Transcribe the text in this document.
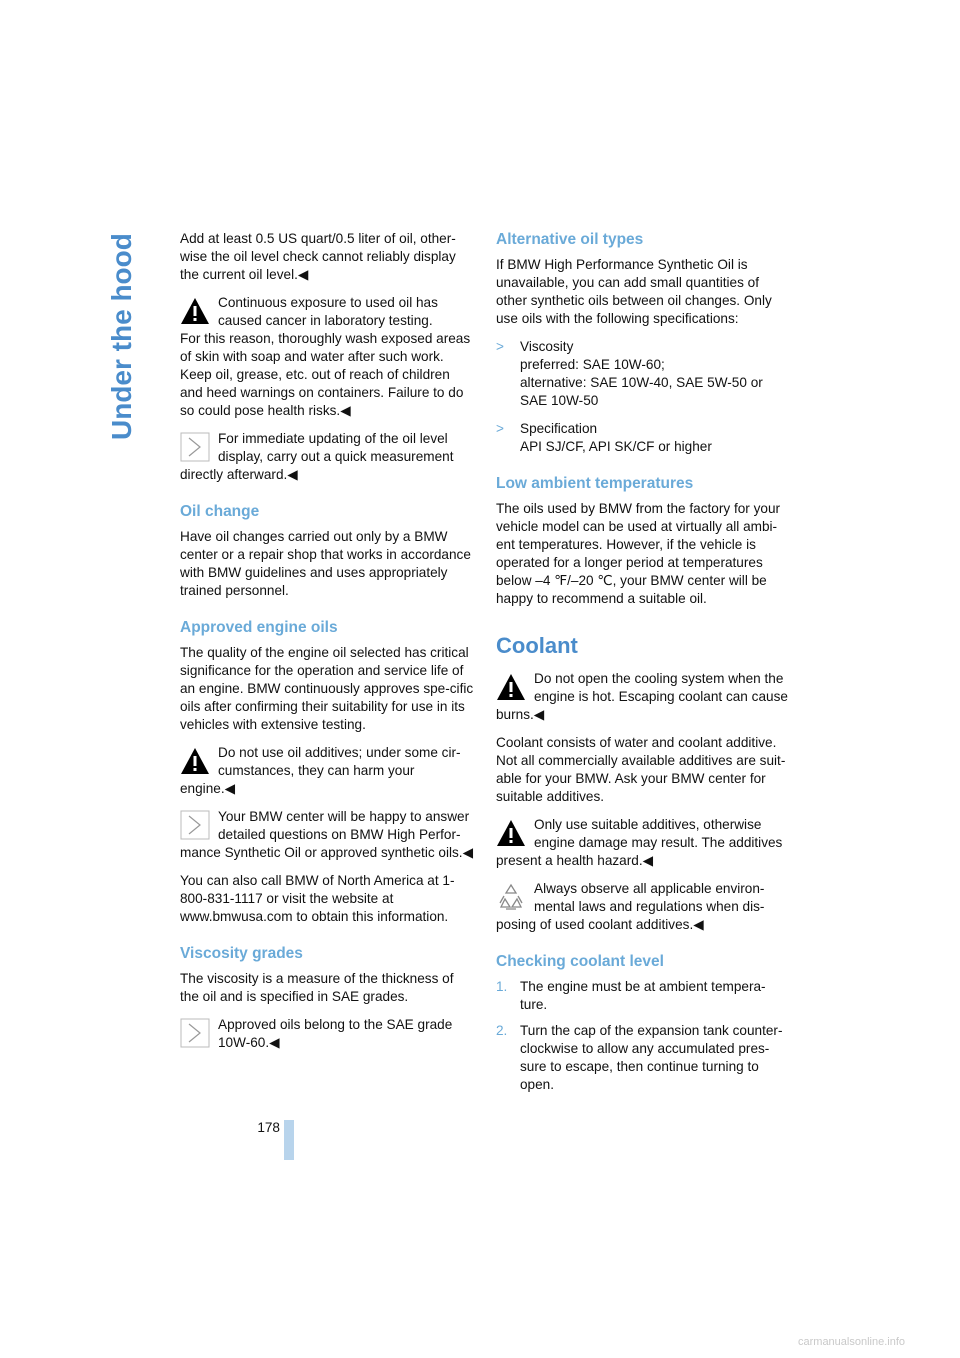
Under the hood	Add at least 0.5 US quart/0.5 liter of oil, other-wise the oil level check cannot reliably display the current oil level.◀

Continuous exposure to used oil has caused cancer in laboratory testing.
For this reason, thoroughly wash exposed areas of skin with soap and water after such work. Keep oil, grease, etc. out of reach of children and heed warnings on containers. Failure to do so could pose health risks.◀
For immediate updating of the oil level display, carry out a quick measurement
directly afterward.◀
Oil change

Have oil changes carried out only by a BMW center or a repair shop that works in accordance with BMW guidelines and uses appropriately trained personnel.

Approved engine oils

The quality of the engine oil selected has critical significance for the operation and service life of an engine. BMW continuously approves spe-cific oils after confirming their suitability for use in its vehicles with extensive testing.

Do not use oil additives; under some cir-cumstances, they can harm your
engine.◀
Your BMW center will be happy to answer detailed questions on BMW High Perfor-
mance Synthetic Oil or approved synthetic oils.◀

You can also call BMW of North America at 1-800-831-1117 or visit the website at www.bmwusa.com to obtain this information.

Viscosity grades

The viscosity is a measure of the thickness of the oil and is specified in SAE grades.

Approved oils belong to the SAE grade 10W-60.◀
Alternative oil types

If BMW High Performance Synthetic Oil is unavailable, you can add small quantities of other synthetic oils between oil changes. Only use oils with the following specifications:

> Viscosity
preferred: SAE 10W-60;
alternative: SAE 10W-40, SAE 5W-50 or SAE 10W-50
> Specification
API SJ/CF, API SK/CF or higher
Low ambient temperatures

The oils used by BMW from the factory for your vehicle model can be used at virtually all ambi-ent temperatures. However, if the vehicle is operated for a longer period at temperatures below –4 ℉/–20 ℃, your BMW center will be happy to recommend a suitable oil.

Coolant
Do not open the cooling system when the engine is hot. Escaping coolant can cause
burns.◀

Coolant consists of water and coolant additive. Not all commercially available additives are suit-able for your BMW. Ask your BMW center for suitable additives.

Only use suitable additives, otherwise engine damage may result. The additives
present a health hazard.◀
Always observe all applicable environ-mental laws and regulations when dis-
posing of used coolant additives.◀
Checking coolant level
1. The engine must be at ambient tempera-ture.
2. Turn the cap of the expansion tank counter-clockwise to allow any accumulated pres-sure to escape, then continue turning to open.
178
carmanualsonline.info
